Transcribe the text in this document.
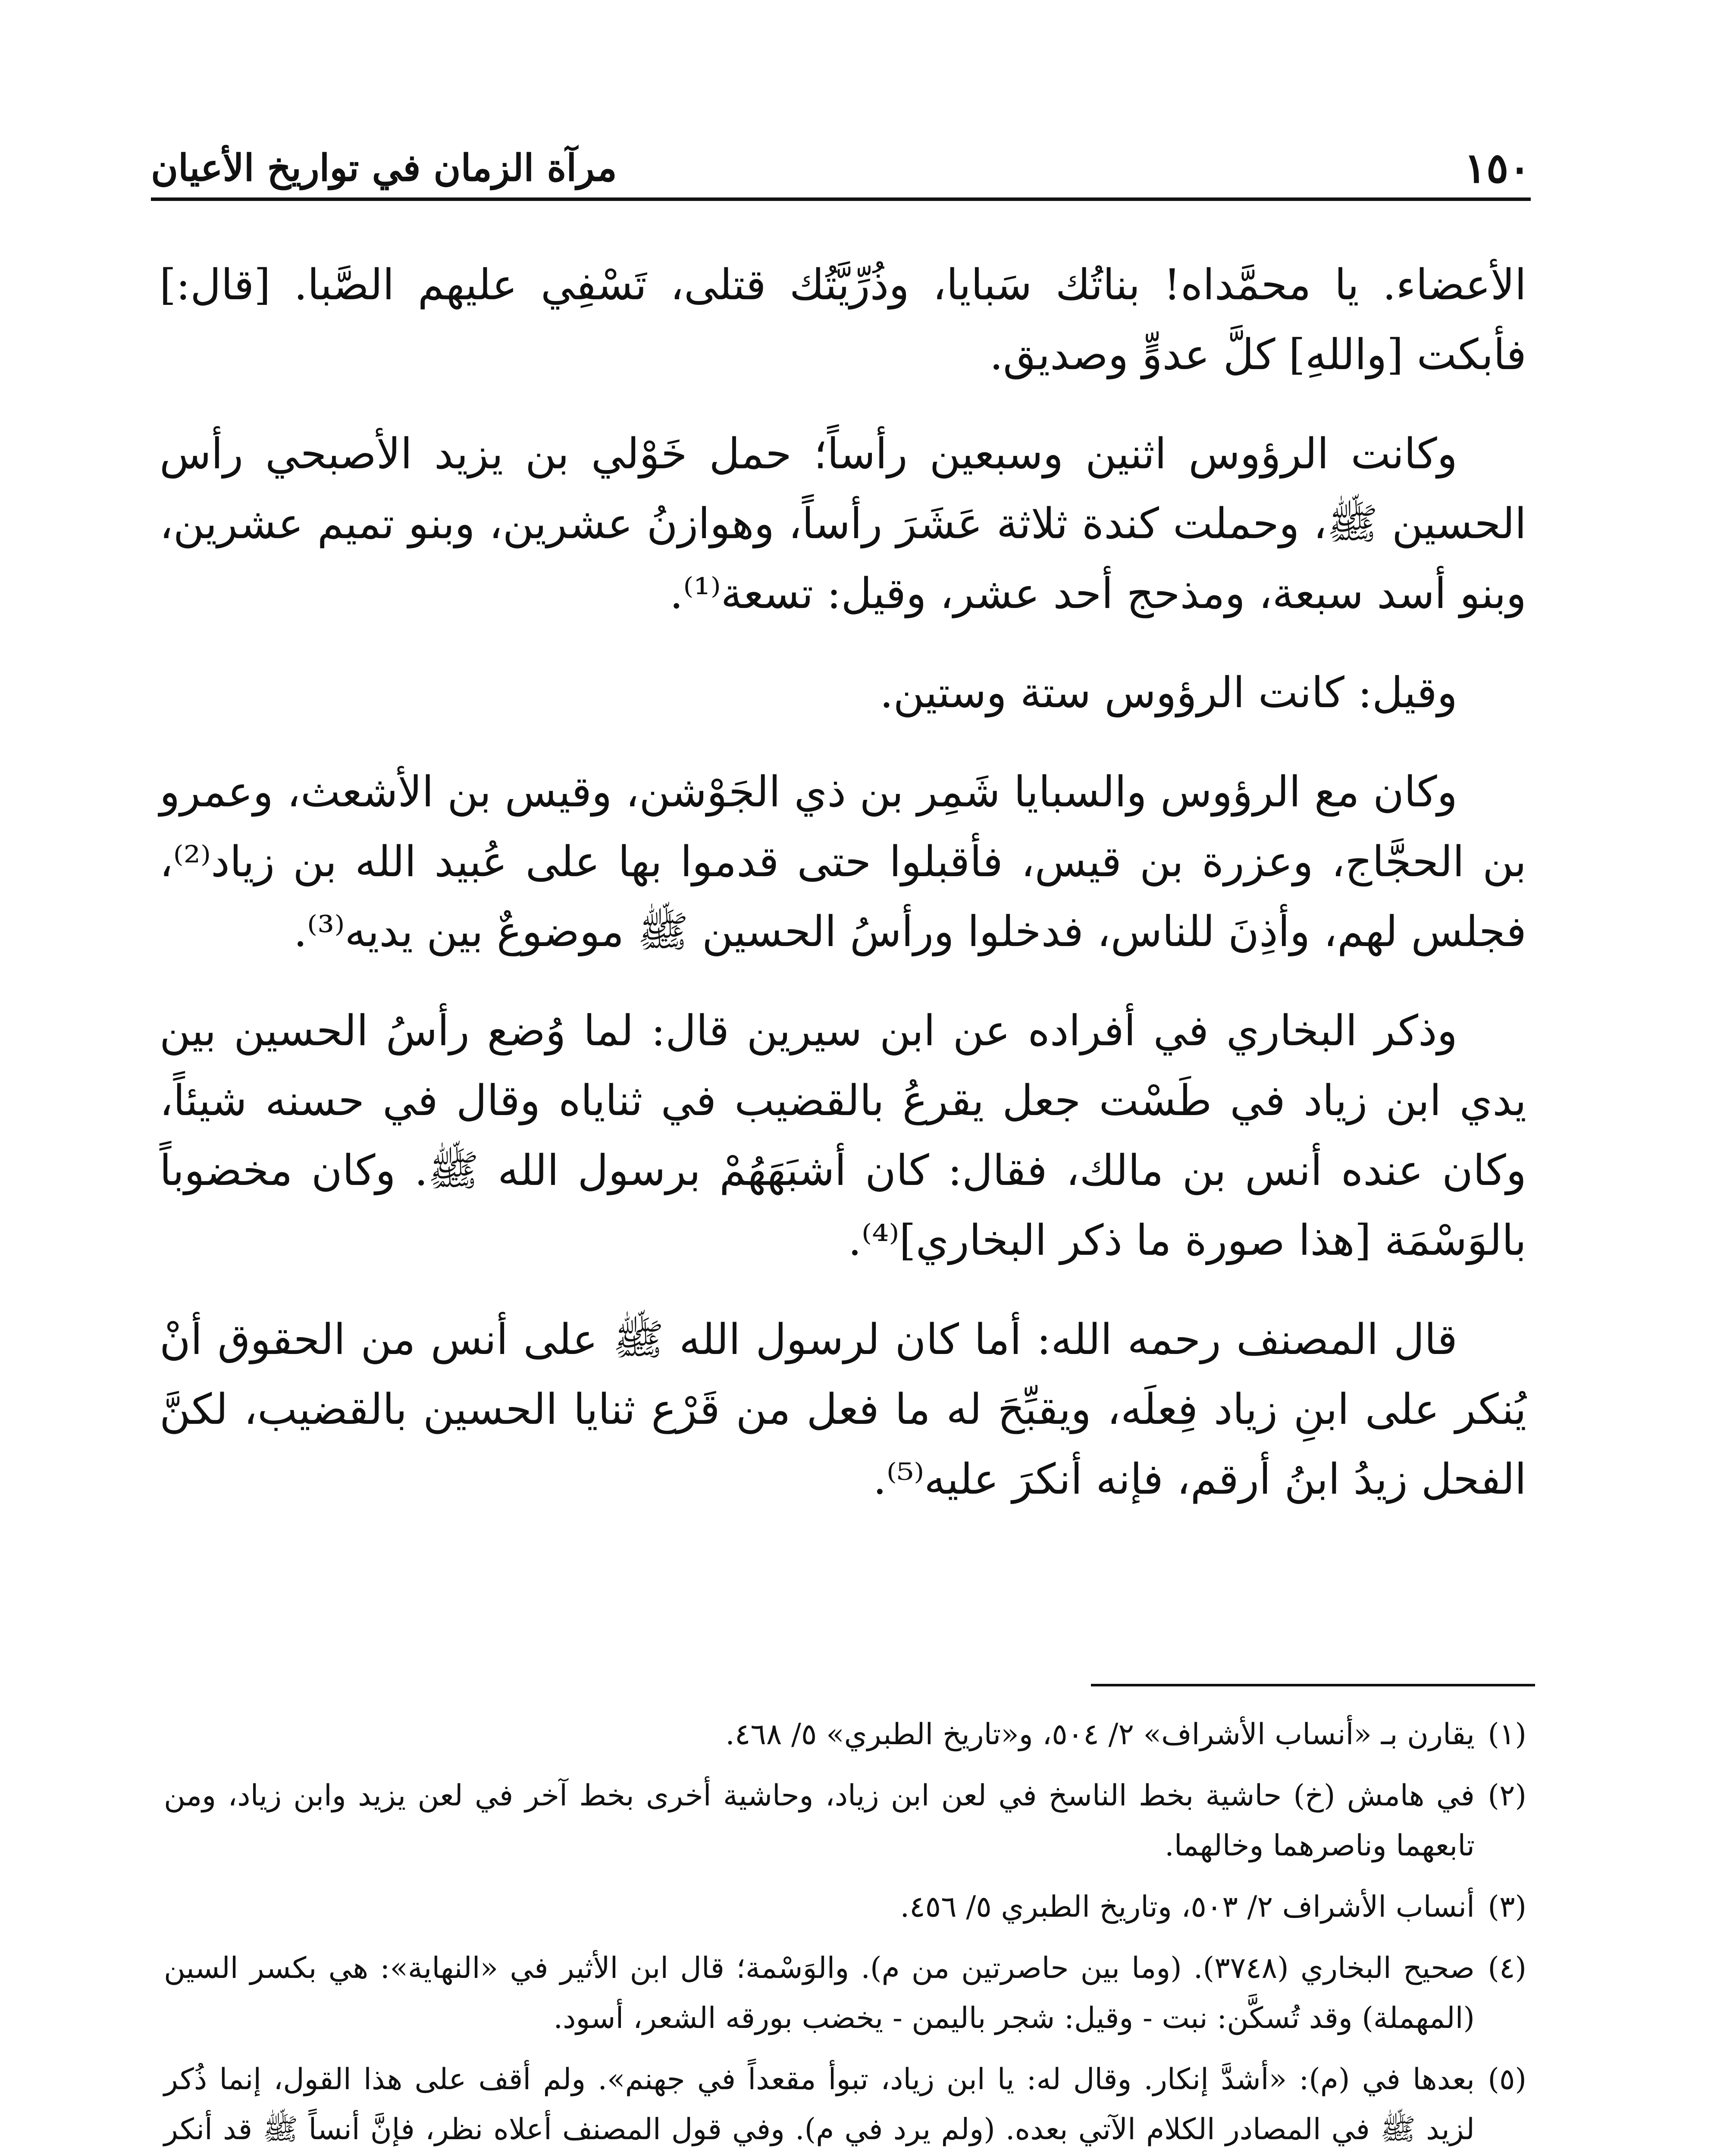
١٥٠
مرآة الزمان في تواريخ الأعيان

الأعضاء. يا محمَّداه! بناتُك سَبايا، وذُرِّيَّتُك قتلى، تَسْفِي عليهم الصَّبا. [قال:] فأبكت [واللهِ] كلَّ عدوٍّ وصديق.

وكانت الرؤوس اثنين وسبعين رأساً؛ حمل خَوْلي بن يزيد الأصبحي رأس الحسين ﷺ، وحملت كندة ثلاثة عَشَرَ رأساً، وهوازنُ عشرين، وبنو تميم عشرين، وبنو أسد سبعة، ومذحج أحد عشر، وقيل: تسعة⁽¹⁾.

وقيل: كانت الرؤوس ستة وستين.

وكان مع الرؤوس والسبايا شَمِر بن ذي الجَوْشن، وقيس بن الأشعث، وعمرو بن الحجَّاج، وعزرة بن قيس، فأقبلوا حتى قدموا بها على عُبيد الله بن زياد⁽²⁾، فجلس لهم، وأذِنَ للناس، فدخلوا ورأسُ الحسين ﷺ موضوعٌ بين يديه⁽³⁾.

وذكر البخاري في أفراده عن ابن سيرين قال: لما وُضع رأسُ الحسين بين يدي ابن زياد في طَسْت جعل يقرعُ بالقضيب في ثناياه وقال في حسنه شيئاً، وكان عنده أنس بن مالك، فقال: كان أشبَهَهُمْ برسول الله ﷺ. وكان مخضوباً بالوَسْمَة [هذا صورة ما ذكر البخاري]⁽⁴⁾.

قال المصنف رحمه الله: أما كان لرسول الله ﷺ على أنس من الحقوق أنْ يُنكر على ابنِ زياد فِعلَه، ويقبِّحَ له ما فعل من قَرْع ثنايا الحسين بالقضيب، لكنَّ الفحل زيدُ ابنُ أرقم، فإنه أنكرَ عليه⁽⁵⁾.

(١)
يقارن بـ «أنساب الأشراف» ٢/ ٥٠٤، و«تاريخ الطبري» ٥/ ٤٦٨.
(٢)
في هامش (خ) حاشية بخط الناسخ في لعن ابن زياد، وحاشية أخرى بخط آخر في لعن يزيد وابن زياد، ومن تابعهما وناصرهما وخالهما.
(٣)
أنساب الأشراف ٢/ ٥٠٣، وتاريخ الطبري ٥/ ٤٥٦.
(٤)
صحيح البخاري (٣٧٤٨). (وما بين حاصرتين من م). والوَسْمة؛ قال ابن الأثير في «النهاية»: هي بكسر السين (المهملة) وقد تُسكَّن: نبت - وقيل: شجر باليمن - يخضب بورقه الشعر، أسود.
(٥)
بعدها في (م): «أشدَّ إنكار. وقال له: يا ابن زياد، تبوأ مقعداً في جهنم». ولم أقف على هذا القول، إنما ذُكر لزيد ﷺ في المصادر الكلام الآتي بعده. (ولم يرد في م). وفي قول المصنف أعلاه نظر، فإنَّ أنساً ﷺ قد أنكر
